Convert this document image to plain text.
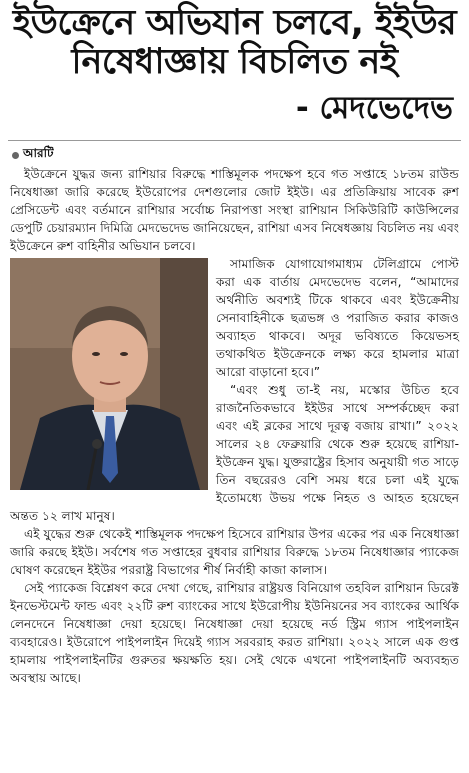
ইউক্রেনে অভিযান চলবে, ইইউর
নিষেধাজ্ঞায় বিচলিত নই
- মেদভেদেভ
আরটি

ইউক্রেনে যুদ্ধর জন্য রাশিয়ার বিরুদ্ধে শাস্তিমূলক পদক্ষেপ হবে গত সপ্তাহে ১৮তম রাউন্ড নিষেধাজ্ঞা জারি করেছে ইউরোপের দেশগুলোর জোট ইইউ। এর প্রতিক্রিয়ায় সাবেক রুশ প্রেসিডেন্ট এবং বর্তমানে রাশিয়ার সর্বোচ্চ নিরাপত্তা সংস্থা রাশিয়ান সিকিউরিটি কাউন্সিলের ডেপুটি চেয়ারম্যান দিমিত্রি মেদভেদেভ জানিয়েছেন, রাশিয়া এসব নিষেধজ্ঞায় বিচলিত নয় এবং ইউক্রেনে রুশ বাহিনীর অভিযান চলবে।

সামাজিক যোগাযোগমাধ্যম টেলিগ্রামে পোস্ট করা এক বার্তায় মেদভেদেভ বলেন, “আমাদের অর্থনীতি অবশ্যই টিকে থাকবে এবং ইউক্রেনীয় সেনাবাহিনীকে ছত্রভঙ্গ ও পরাজিত করার কাজও অব্যাহত থাকবে। অদূর ভবিষ্যতে কিয়েভসহ তথাকথিত ইউক্রেনকে লক্ষ্য করে হামলার মাত্রা আরো বাড়ানো হবে।”

“এবং শুধু তা-ই নয়, মস্কোর উচিত হবে রাজনৈতিকভাবে ইইউর সাথে সম্পর্কচ্ছেদ করা এবং এই ব্লকের সাথে দূরত্ব বজায় রাখা।” ২০২২ সালের ২৪ ফেব্রুয়ারি থেকে শুরু হয়েছে রাশিয়া-ইউক্রেন যুদ্ধ। যুক্তরাষ্ট্রের হিসাব অনুযায়ী গত সাড়ে তিন বছরেরও বেশি সময় ধরে চলা এই যুদ্ধে ইতোমধ্যে উভয় পক্ষে নিহত ও আহত হয়েছেন অন্তত ১২ লাখ মানুষ।

এই যুদ্ধের শুরু থেকেই শাস্তিমূলক পদক্ষেপ হিসেবে রাশিয়ার উপর একের পর এক নিষেধাজ্ঞা জারি করছে ইইউ। সর্বশেষ গত সপ্তাহের বুধবার রাশিয়ার বিরুদ্ধে ১৮তম নিষেধাজ্ঞার প্যাকেজ ঘোষণ করেছেন ইইউর পররাষ্ট্র বিভাগের শীর্ষ নির্বাহী কাজা কালাস।

সেই প্যাকেজ বিশ্লেষণ করে দেখা গেছে, রাশিয়ার রাষ্ট্রয়ত্ত বিনিয়োগ তহবিল রাশিয়ান ডিরেক্ট ইনভেস্টমেন্ট ফান্ড এবং ২২টি রুশ ব্যাংকের সাথে ইউরোপীয় ইউনিয়নের সব ব্যাংকের আর্থিক লেনদেনে নিষেধাজ্ঞা দেয়া হয়েছে। নিষেধাজ্ঞা দেয়া হয়েছে নর্ড স্ট্রিম গ্যাস পাইপলাইন ব্যবহারেও। ইউরোপে পাইপলাইন দিয়েই গ্যাস সরবরাহ করত রাশিয়া। ২০২২ সালে এক গুপ্ত হামলায় পাইপলাইনটির গুরুতর ক্ষয়ক্ষতি হয়। সেই থেকে এখনো পাইপলাইনটি অব্যবহৃত অবস্থায় আছে।
